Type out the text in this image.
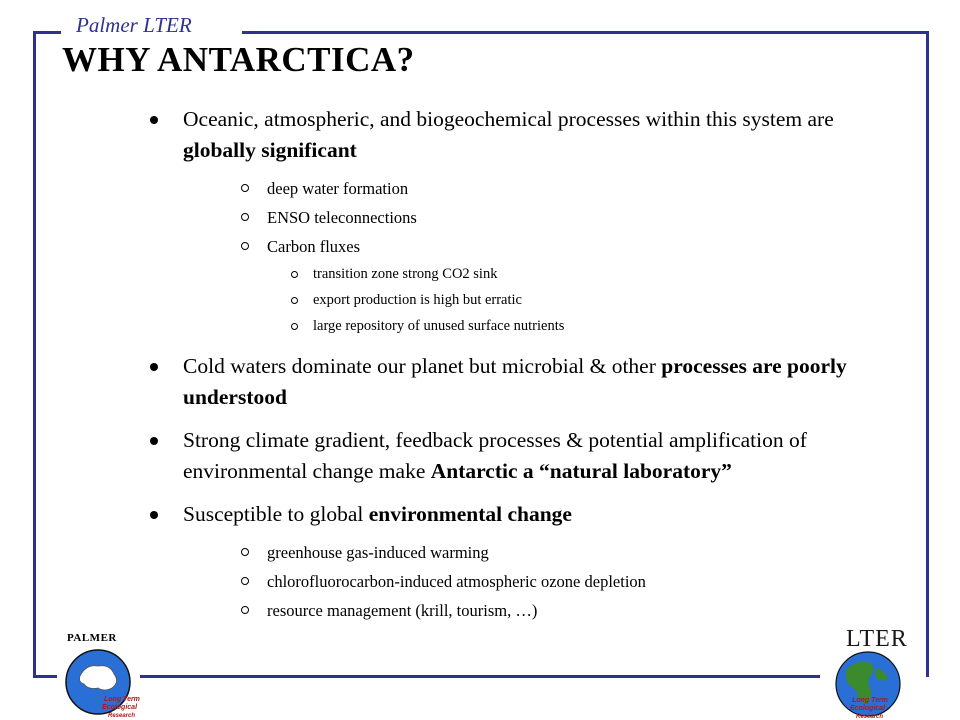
Palmer LTER
WHY ANTARCTICA?
Oceanic, atmospheric, and biogeochemical processes within this system are globally significant
deep water formation
ENSO teleconnections
Carbon fluxes
transition zone strong CO2 sink
export production is high but erratic
large repository of unused surface nutrients
Cold waters dominate our planet but microbial & other processes are poorly understood
Strong climate gradient, feedback processes & potential amplification of environmental change make Antarctic a “natural laboratory”
Susceptible to global environmental change
greenhouse gas-induced warming
chlorofluorocarbon-induced atmospheric ozone depletion
resource management (krill, tourism, …)
PALMER
Long Term
Ecological
Research
LTER
Long Term
Ecological
Research
